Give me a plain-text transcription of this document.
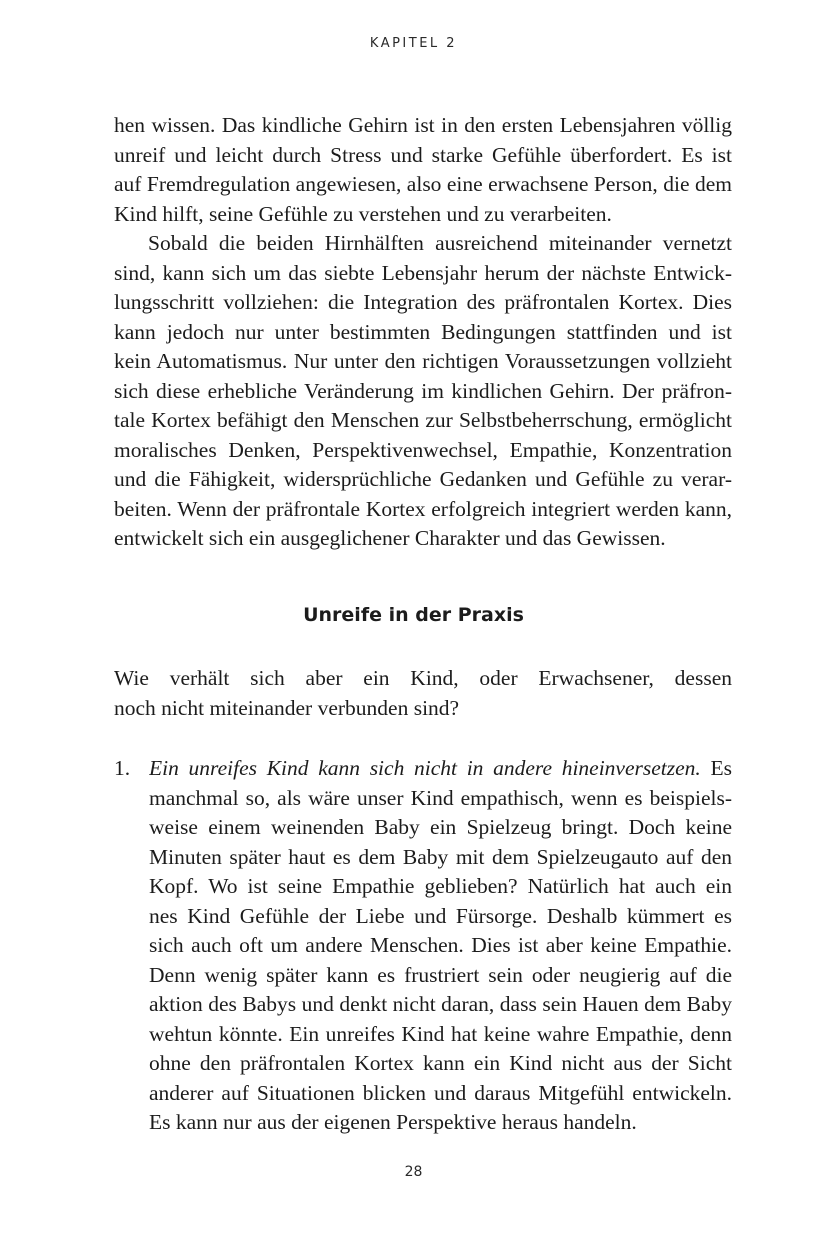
KAPITEL 2
hen wissen. Das kindliche Gehirn ist in den ersten Lebensjahren völlig
unreif und leicht durch Stress und starke Gefühle überfordert. Es ist
auf Fremdregulation angewiesen, also eine erwachsene Person, die dem
Kind hilft, seine Gefühle zu verstehen und zu verarbeiten.
Sobald die beiden Hirnhälften ausreichend miteinander vernetzt
sind, kann sich um das siebte Lebensjahr herum der nächste Entwick-
lungsschritt vollziehen: die Integration des präfrontalen Kortex. Dies
kann jedoch nur unter bestimmten Bedingungen stattfinden und ist
kein Automatismus. Nur unter den richtigen Voraussetzungen vollzieht
sich diese erhebliche Veränderung im kindlichen Gehirn. Der präfron-
tale Kortex befähigt den Menschen zur Selbstbeherrschung, ermöglicht
moralisches Denken, Perspektivenwechsel, Empathie, Konzentration
und die Fähigkeit, widersprüchliche Gedanken und Gefühle zu verar-
beiten. Wenn der präfrontale Kortex erfolgreich integriert werden kann,
entwickelt sich ein ausgeglichener Charakter und das Gewissen.
Unreife in der Praxis
Wie verhält sich aber ein Kind, oder Erwachsener, dessen
noch nicht miteinander verbunden sind?
1. Ein unreifes Kind kann sich nicht in andere hineinversetzen. Es
manchmal so, als wäre unser Kind empathisch, wenn es beispiels-
weise einem weinenden Baby ein Spielzeug bringt. Doch keine
Minuten später haut es dem Baby mit dem Spielzeugauto auf den
Kopf. Wo ist seine Empathie geblieben? Natürlich hat auch ein
nes Kind Gefühle der Liebe und Fürsorge. Deshalb kümmert es
sich auch oft um andere Menschen. Dies ist aber keine Empathie.
Denn wenig später kann es frustriert sein oder neugierig auf die
aktion des Babys und denkt nicht daran, dass sein Hauen dem Baby
wehtun könnte. Ein unreifes Kind hat keine wahre Empathie, denn
ohne den präfrontalen Kortex kann ein Kind nicht aus der Sicht
anderer auf Situationen blicken und daraus Mitgefühl entwickeln.
Es kann nur aus der eigenen Perspektive heraus handeln.
28
